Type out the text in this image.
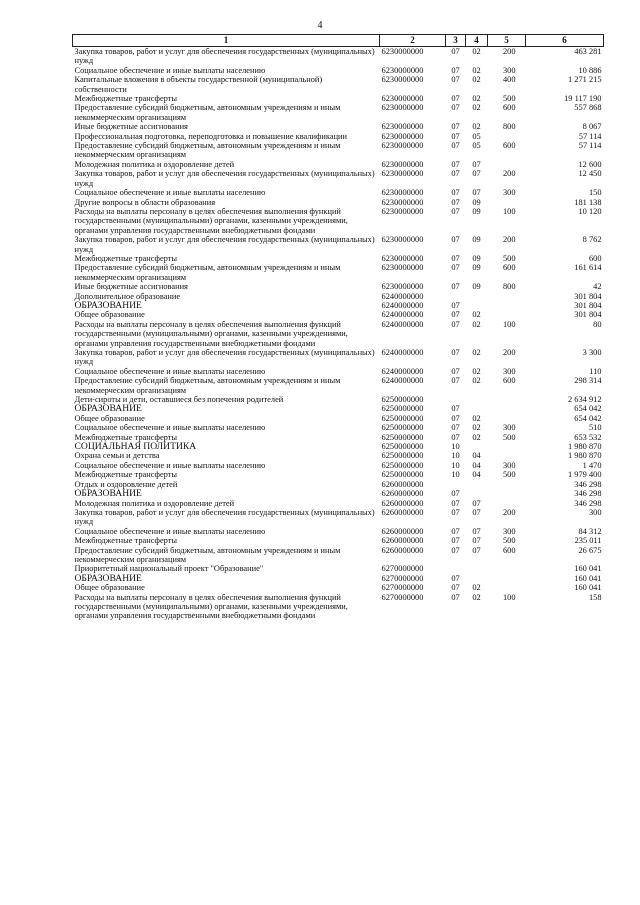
4
1	2	3	4	5	6
Закупка товаров, работ и услуг для обеспечения государственных (муниципальных) нужд	6230000000	07	02	200	463 281
Социальное обеспечение и иные выплаты населению	6230000000	07	02	300	10 886
Капитальные вложения в объекты государственной (муниципальной) собственности	6230000000	07	02	400	1 271 215
Межбюджетные трансферты	6230000000	07	02	500	19 117 190
Предоставление субсидий бюджетным, автономным учреждениям и иным некоммерческим организациям	6230000000	07	02	600	557 868
Иные бюджетные ассигнования	6230000000	07	02	800	8 067
Профессиональная подготовка, переподготовка и повышение квалификации	6230000000	07	05		57 114
Предоставление субсидий бюджетным, автономным учреждениям и иным некоммерческим организациям	6230000000	07	05	600	57 114
Молодежная политика и оздоровление детей	6230000000	07	07		12 600
Закупка товаров, работ и услуг для обеспечения государственных (муниципальных) нужд	6230000000	07	07	200	12 450
Социальное обеспечение и иные выплаты населению	6230000000	07	07	300	150
Другие вопросы в области образования	6230000000	07	09		181 138
Расходы на выплаты персоналу в целях обеспечения выполнения функций государственными (муниципальными) органами, казенными учреждениями, органами управления государственными внебюджетными фондами	6230000000	07	09	100	10 120
Закупка товаров, работ и услуг для обеспечения государственных (муниципальных) нужд	6230000000	07	09	200	8 762
Межбюджетные трансферты	6230000000	07	09	500	600
Предоставление субсидий бюджетным, автономным учреждениям и иным некоммерческим организациям	6230000000	07	09	600	161 614
Иные бюджетные ассигнования	6230000000	07	09	800	42
Дополнительное образование	6240000000				301 804
ОБРАЗОВАНИЕ	6240000000	07			301 804
Общее образование	6240000000	07	02		301 804
Расходы на выплаты персоналу в целях обеспечения выполнения функций государственными (муниципальными) органами, казенными учреждениями, органами управления государственными внебюджетными фондами	6240000000	07	02	100	80
Закупка товаров, работ и услуг для обеспечения государственных (муниципальных) нужд	6240000000	07	02	200	3 300
Социальное обеспечение и иные выплаты населению	6240000000	07	02	300	110
Предоставление субсидий бюджетным, автономным учреждениям и иным некоммерческим организациям	6240000000	07	02	600	298 314
Дети-сироты и дети, оставшиеся без попечения родителей	6250000000				2 634 912
ОБРАЗОВАНИЕ	6250000000	07			654 042
Общее образование	6250000000	07	02		654 042
Социальное обеспечение и иные выплаты населению	6250000000	07	02	300	510
Межбюджетные трансферты	6250000000	07	02	500	653 532
СОЦИАЛЬНАЯ ПОЛИТИКА	6250000000	10			1 980 870
Охрана семьи и детства	6250000000	10	04		1 980 870
Социальное обеспечение и иные выплаты населению	6250000000	10	04	300	1 470
Межбюджетные трансферты	6250000000	10	04	500	1 979 400
Отдых и оздоровление детей	6260000000				346 298
ОБРАЗОВАНИЕ	6260000000	07			346 298
Молодежная политика и оздоровление детей	6260000000	07	07		346 298
Закупка товаров, работ и услуг для обеспечения государственных (муниципальных) нужд	6260000000	07	07	200	300
Социальное обеспечение и иные выплаты населению	6260000000	07	07	300	84 312
Межбюджетные трансферты	6260000000	07	07	500	235 011
Предоставление субсидий бюджетным, автономным учреждениям и иным некоммерческим организациям	6260000000	07	07	600	26 675
Приоритетный национальный проект "Образование"	6270000000				160 041
ОБРАЗОВАНИЕ	6270000000	07			160 041
Общее образование	6270000000	07	02		160 041
Расходы на выплаты персоналу в целях обеспечения выполнения функций государственными (муниципальными) органами, казенными учреждениями, органами управления государственными внебюджетными фондами	6270000000	07	02	100	158
